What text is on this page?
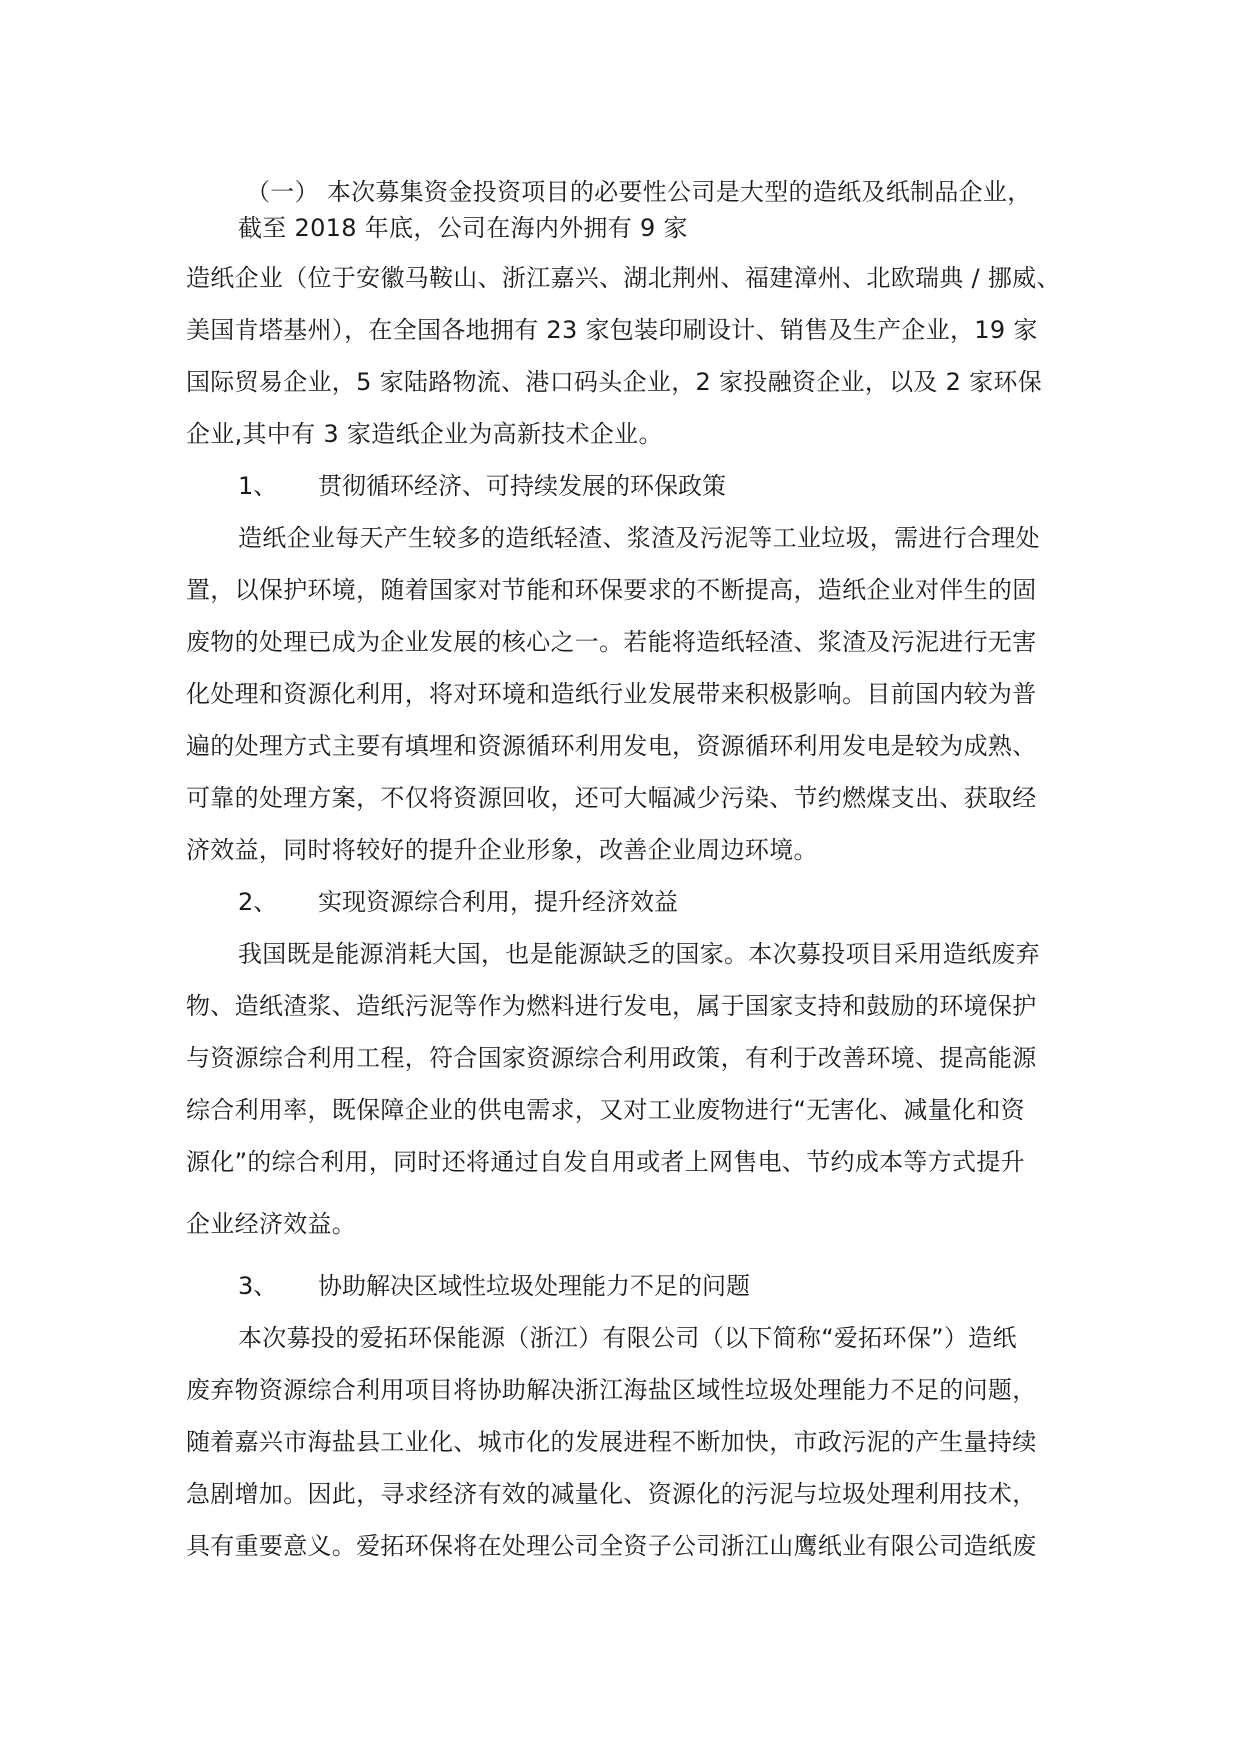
（一） 本次募集资金投资项目的必要性公司是大型的造纸及纸制品企业，
截至 2018 年底，公司在海内外拥有 9 家
造纸企业（位于安徽马鞍山、浙江嘉兴、湖北荆州、福建漳州、北欧瑞典 / 挪威、
美国肯塔基州），在全国各地拥有 23 家包装印刷设计、销售及生产企业，19 家
国际贸易企业，5 家陆路物流、港口码头企业，2 家投融资企业，以及 2 家环保
企业,其中有 3 家造纸企业为高新技术企业。
1、 贯彻循环经济、可持续发展的环保政策
造纸企业每天产生较多的造纸轻渣、浆渣及污泥等工业垃圾，需进行合理处
置，以保护环境，随着国家对节能和环保要求的不断提高，造纸企业对伴生的固
废物的处理已成为企业发展的核心之一。若能将造纸轻渣、浆渣及污泥进行无害
化处理和资源化利用，将对环境和造纸行业发展带来积极影响。目前国内较为普
遍的处理方式主要有填埋和资源循环利用发电，资源循环利用发电是较为成熟、
可靠的处理方案，不仅将资源回收，还可大幅减少污染、节约燃煤支出、获取经
济效益，同时将较好的提升企业形象，改善企业周边环境。
2、 实现资源综合利用，提升经济效益
我国既是能源消耗大国，也是能源缺乏的国家。本次募投项目采用造纸废弃
物、造纸渣浆、造纸污泥等作为燃料进行发电，属于国家支持和鼓励的环境保护
与资源综合利用工程，符合国家资源综合利用政策，有利于改善环境、提高能源
综合利用率，既保障企业的供电需求，又对工业废物进行“无害化、减量化和资
源化”的综合利用，同时还将通过自发自用或者上网售电、节约成本等方式提升
企业经济效益。
3、 协助解决区域性垃圾处理能力不足的问题
本次募投的爱拓环保能源（浙江）有限公司（以下简称“爱拓环保”）造纸
废弃物资源综合利用项目将协助解决浙江海盐区域性垃圾处理能力不足的问题，
随着嘉兴市海盐县工业化、城市化的发展进程不断加快，市政污泥的产生量持续
急剧增加。因此，寻求经济有效的减量化、资源化的污泥与垃圾处理利用技术，
具有重要意义。爱拓环保将在处理公司全资子公司浙江山鹰纸业有限公司造纸废
